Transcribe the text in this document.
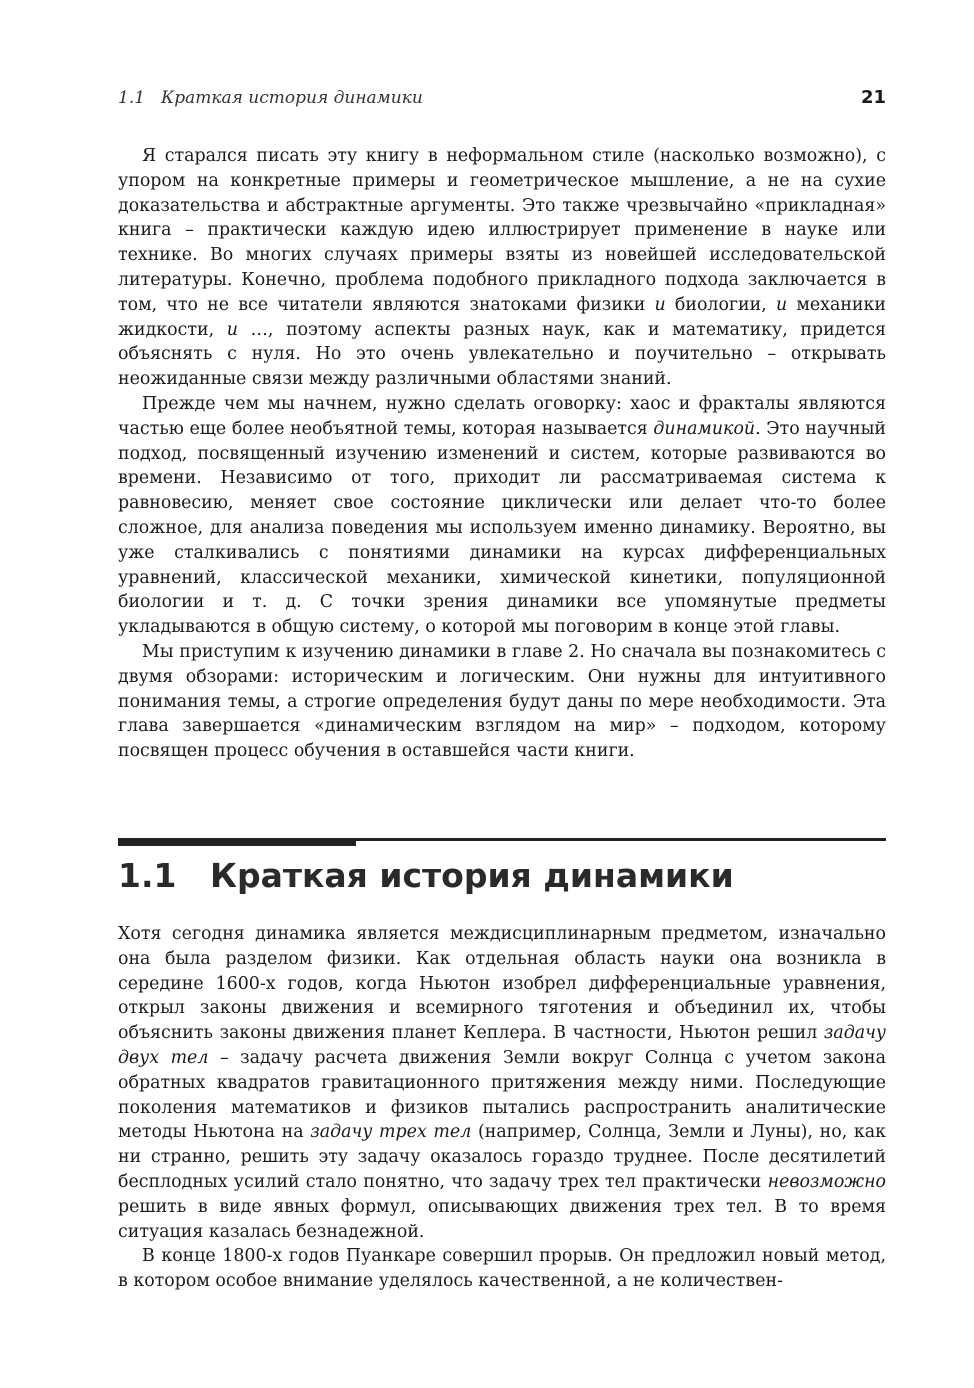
1.1 Краткая история динамики	21

Я старался писать эту книгу в неформальном стиле (насколько возможно), с упором на конкретные примеры и геометрическое мышление, а не на сухие доказательства и абстрактные аргументы. Это также чрезвычайно «прикладная» книга – практически каждую идею иллюстрирует применение в науке или технике. Во многих случаях примеры взяты из новейшей исследовательской литературы. Конечно, проблема подобного прикладного подхода заключается в том, что не все читатели являются знатоками физики и биологии, и механики жидкости, и …, поэтому аспекты разных наук, как и математику, придется объяснять с нуля. Но это очень увлекательно и поучительно – открывать неожиданные связи между различными областями знаний.

Прежде чем мы начнем, нужно сделать оговорку: хаос и фракталы являются частью еще более необъятной темы, которая называется динамикой. Это научный подход, посвященный изучению изменений и систем, которые развиваются во времени. Независимо от того, приходит ли рассматриваемая система к равновесию, меняет свое состояние циклически или делает что-то более сложное, для анализа поведения мы используем именно динамику. Вероятно, вы уже сталкивались с понятиями динамики на курсах дифференциальных уравнений, классической механики, химической кинетики, популяционной биологии и т. д. С точки зрения динамики все упомянутые предметы укладываются в общую систему, о которой мы поговорим в конце этой главы.

Мы приступим к изучению динамики в главе 2. Но сначала вы познакомитесь с двумя обзорами: историческим и логическим. Они нужны для интуитивного понимания темы, а строгие определения будут даны по мере необходимости. Эта глава завершается «динамическим взглядом на мир» – подходом, которому посвящен процесс обучения в оставшейся части книги.

1.1 Краткая история динамики

Хотя сегодня динамика является междисциплинарным предметом, изначально она была разделом физики. Как отдельная область науки она возникла в середине 1600-х годов, когда Ньютон изобрел дифференциальные уравнения, открыл законы движения и всемирного тяготения и объединил их, чтобы объяснить законы движения планет Кеплера. В частности, Ньютон решил задачу двух тел – задачу расчета движения Земли вокруг Солнца с учетом закона обратных квадратов гравитационного притяжения между ними. Последующие поколения математиков и физиков пытались распространить аналитические методы Ньютона на задачу трех тел (например, Солнца, Земли и Луны), но, как ни странно, решить эту задачу оказалось гораздо труднее. После десятилетий бесплодных усилий стало понятно, что задачу трех тел практически невозможно решить в виде явных формул, описывающих движения трех тел. В то время ситуация казалась безнадежной.

В конце 1800-х годов Пуанкаре совершил прорыв. Он предложил новый метод, в котором особое внимание уделялось качественной, а не количествен-
